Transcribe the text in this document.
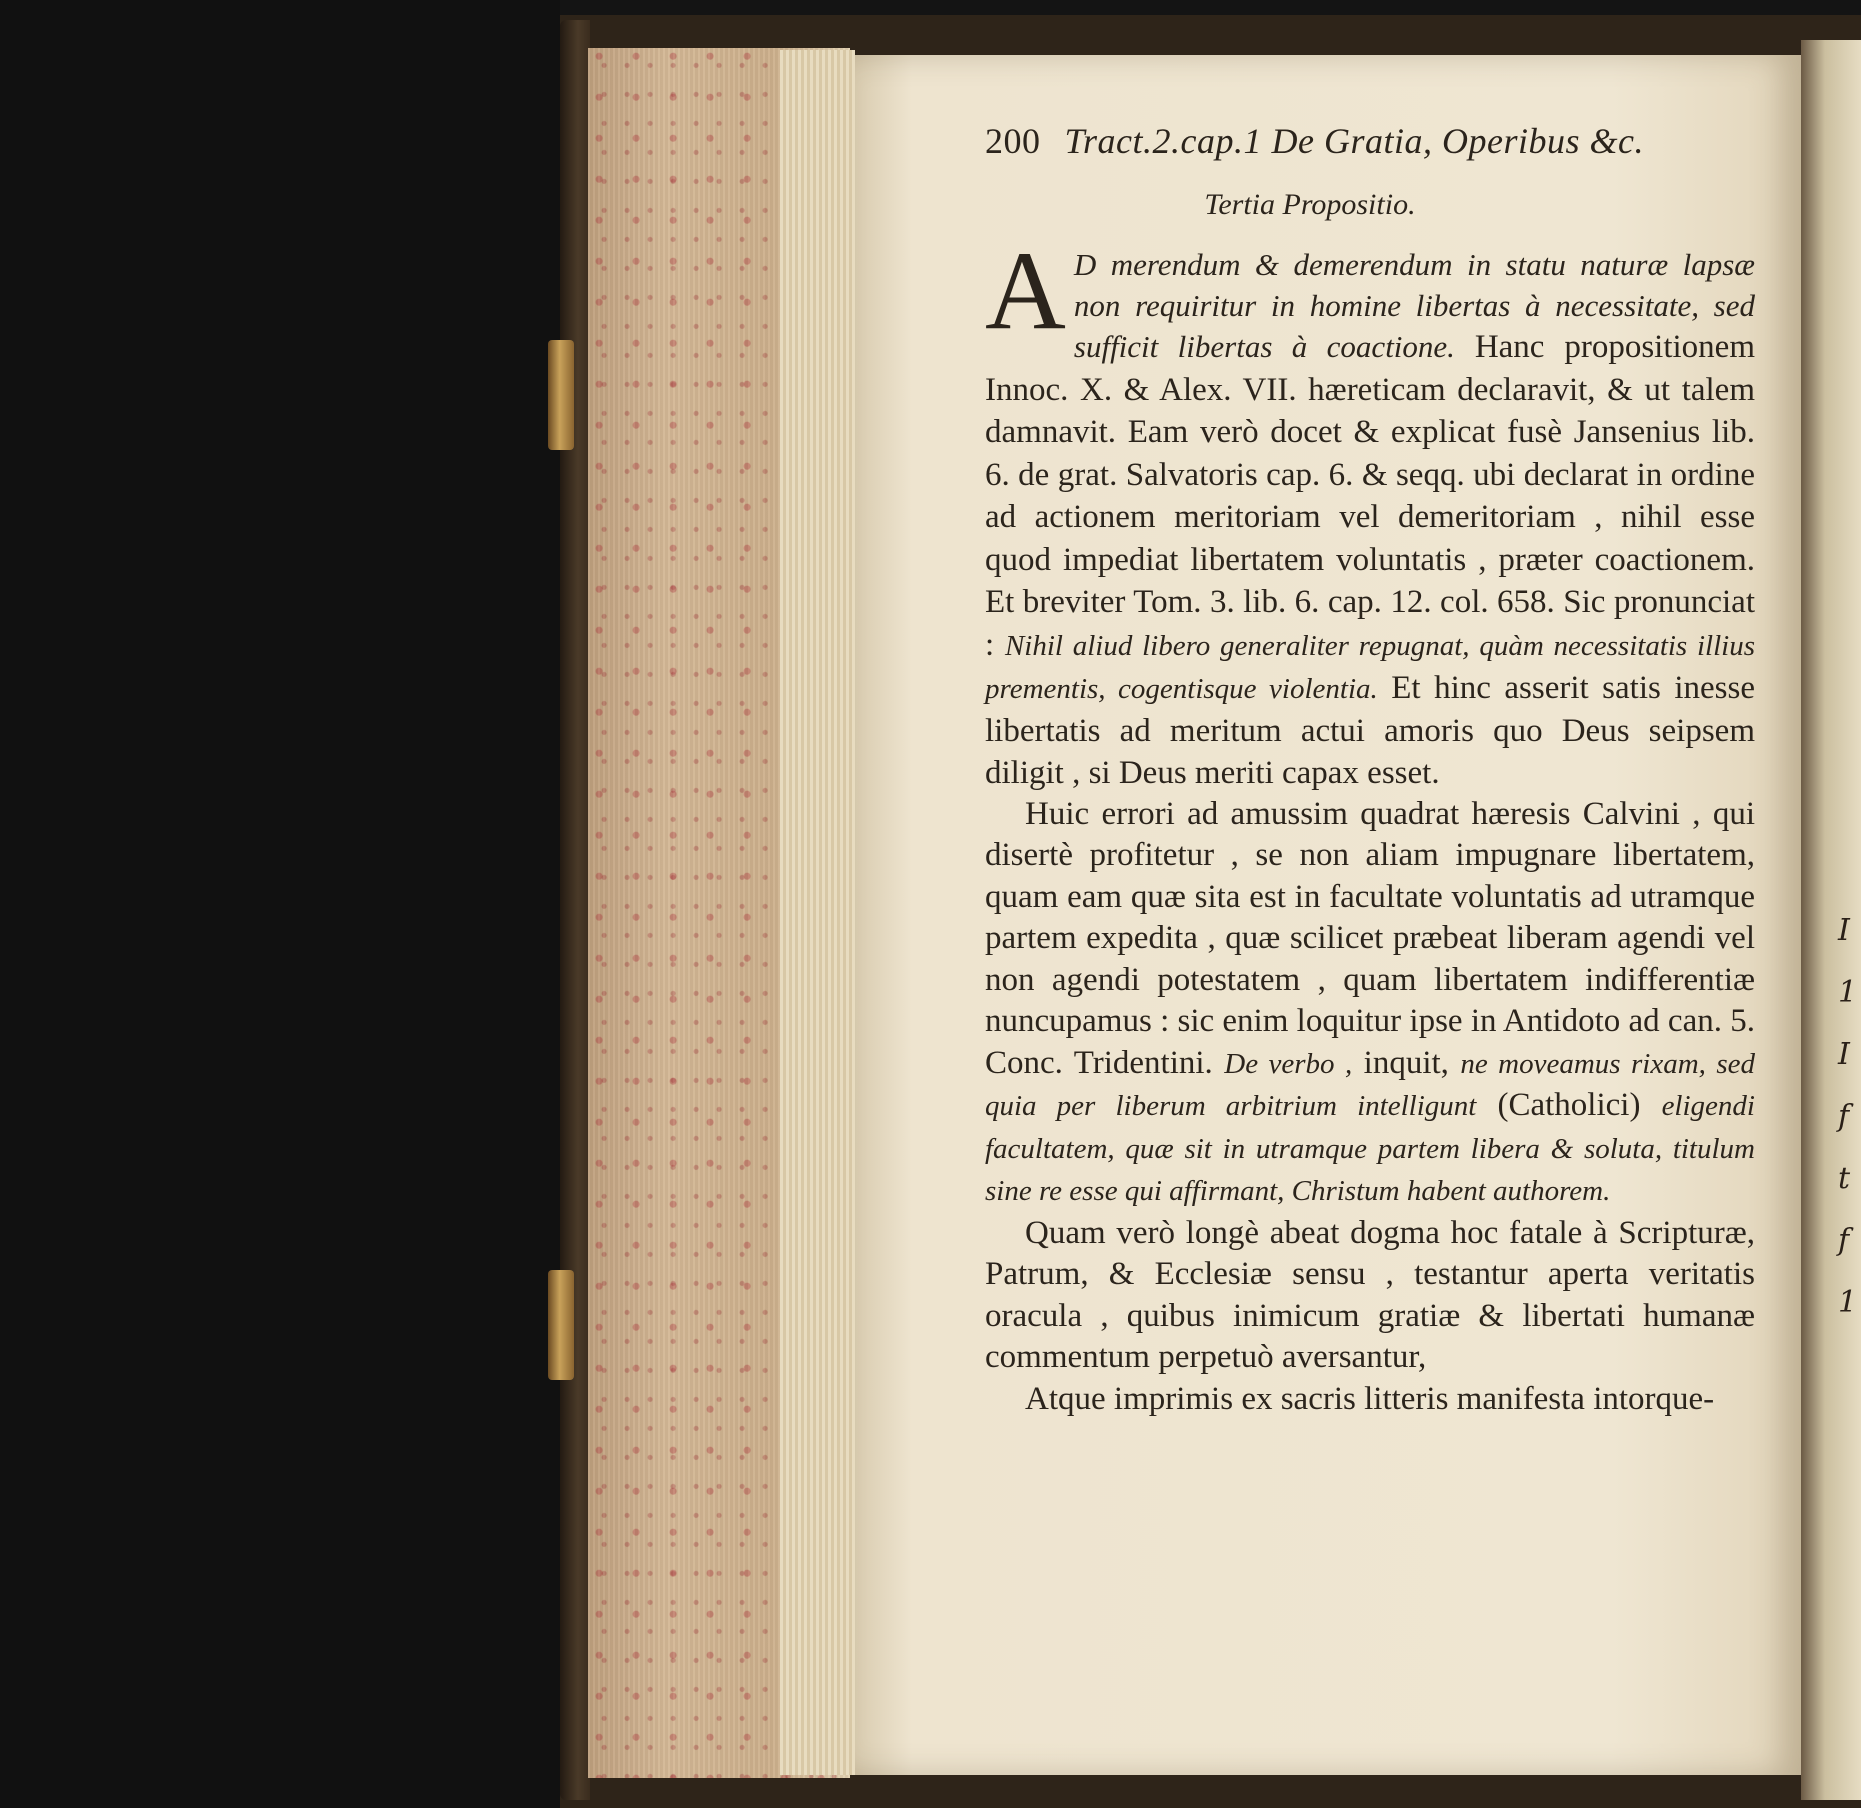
I
1
I
f
t
f
1
200 Tract.2.cap.1 De Gratia, Operibus &c.
Tertia Propositio.
A D merendum & demerendum in statu naturæ lapsæ non requiritur in homine libertas à necessitate, sed sufficit libertas à coactione. Hanc propositionem Innoc. X. & Alex. VII. hæreticam declaravit, & ut talem damnavit. Eam verò docet & explicat fusè Jansenius lib. 6. de grat. Salvatoris cap. 6. & seqq. ubi declarat in ordine ad actionem meritoriam vel demeritoriam , nihil esse quod impediat libertatem voluntatis , præter coactionem. Et breviter Tom. 3. lib. 6. cap. 12. col. 658. Sic pronunciat : Nihil aliud libero generaliter repugnat, quàm necessitatis illius prementis, cogentisque violentia. Et hinc asserit satis inesse libertatis ad meritum actui amoris quo Deus seipsem diligit , si Deus meriti capax esset.

Huic errori ad amussim quadrat hæresis Calvini , qui disertè profitetur , se non aliam impugnare libertatem, quam eam quæ sita est in facultate voluntatis ad utramque partem expedita , quæ scilicet præbeat liberam agendi vel non agendi potestatem , quam libertatem indifferentiæ nuncupamus : sic enim loquitur ipse in Antidoto ad can. 5. Conc. Tridentini. De verbo , inquit, ne moveamus rixam, sed quia per liberum arbitrium intelligunt (Catholici) eligendi facultatem, quæ sit in utramque partem libera & soluta, titulum sine re esse qui affirmant, Christum habent authorem.

Quam verò longè abeat dogma hoc fatale à Scripturæ, Patrum, & Ecclesiæ sensu , testantur aperta veritatis oracula , quibus inimicum gratiæ & libertati humanæ commentum perpetuò aversantur,

Atque imprimis ex sacris litteris manifesta intorque-
